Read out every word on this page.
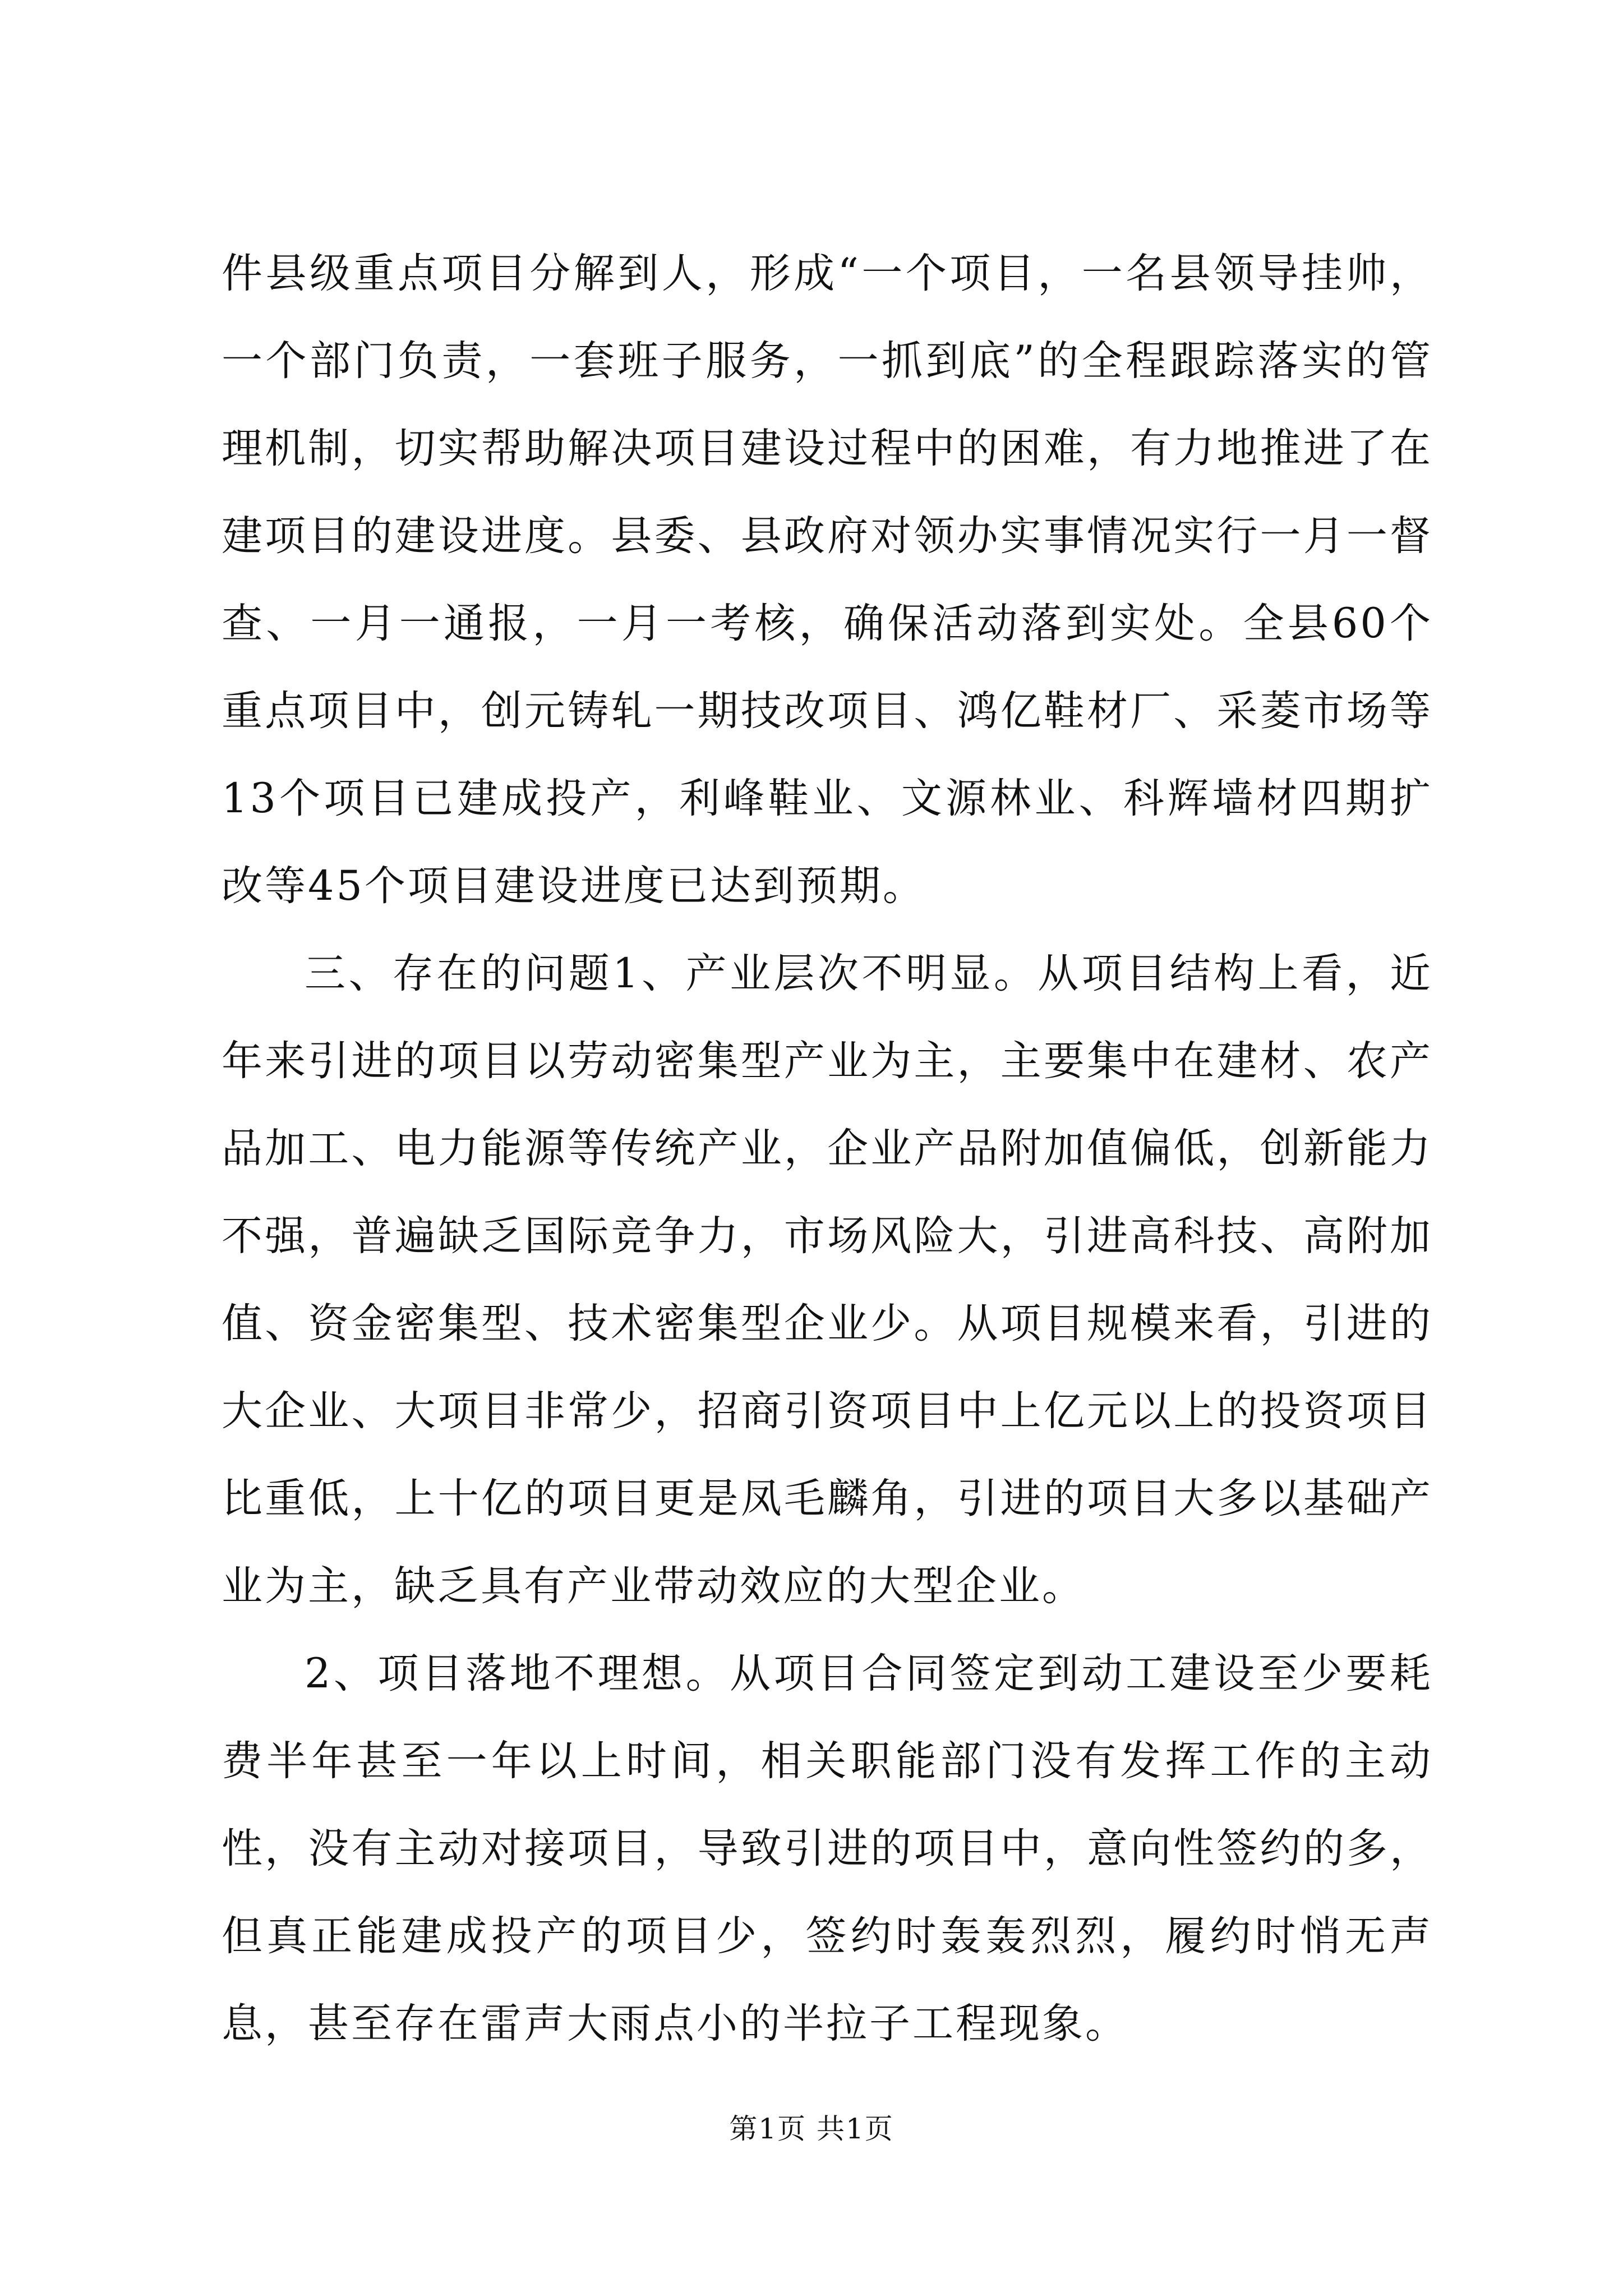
件县级重点项目分解到人，形成“一个项目，一名县领导挂帅，一个部门负责，一套班子服务，一抓到底”的全程跟踪落实的管理机制，切实帮助解决项目建设过程中的困难，有力地推进了在建项目的建设进度。县委、县政府对领办实事情况实行一月一督查、一月一通报，一月一考核，确保活动落到实处。全县60个重点项目中，创元铸轧一期技改项目、鸿亿鞋材厂、采菱市场等13个项目已建成投产，利峰鞋业、文源林业、科辉墙材四期扩改等45个项目建设进度已达到预期。

三、存在的问题1、产业层次不明显。从项目结构上看，近年来引进的项目以劳动密集型产业为主，主要集中在建材、农产品加工、电力能源等传统产业，企业产品附加值偏低，创新能力不强，普遍缺乏国际竞争力，市场风险大，引进高科技、高附加值、资金密集型、技术密集型企业少。从项目规模来看，引进的大企业、大项目非常少，招商引资项目中上亿元以上的投资项目比重低，上十亿的项目更是凤毛麟角，引进的项目大多以基础产业为主，缺乏具有产业带动效应的大型企业。

2、项目落地不理想。从项目合同签定到动工建设至少要耗费半年甚至一年以上时间，相关职能部门没有发挥工作的主动性，没有主动对接项目，导致引进的项目中，意向性签约的多，但真正能建成投产的项目少，签约时轰轰烈烈，履约时悄无声息，甚至存在雷声大雨点小的半拉子工程现象。

第1页 共1页
